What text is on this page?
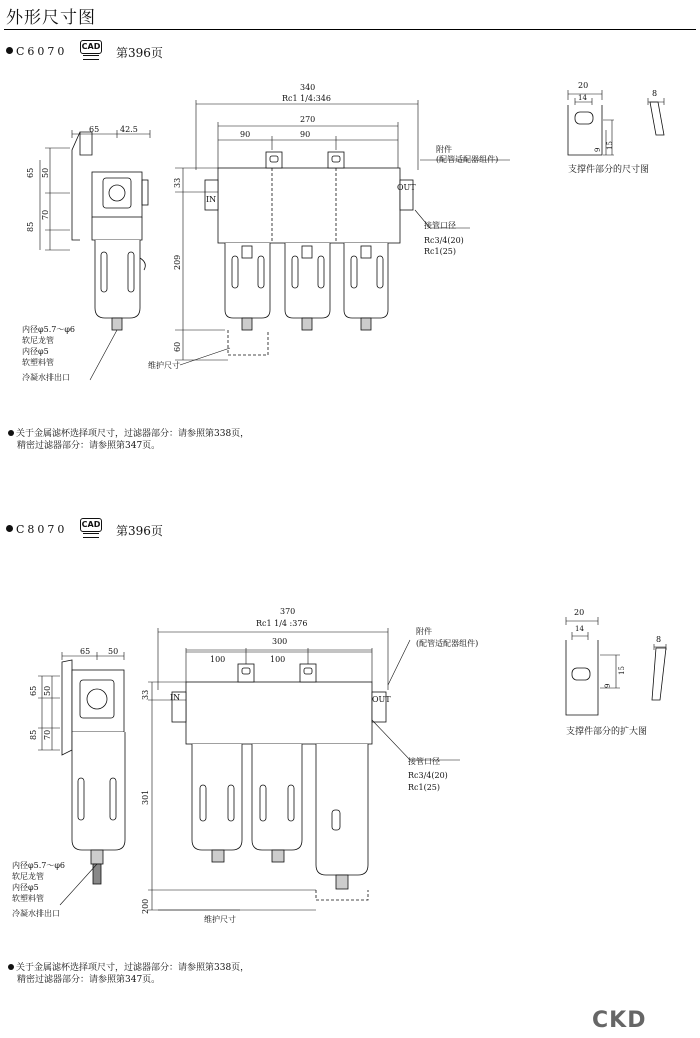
外形尺寸图
C6070 CAD 第396页
65	42.5
65 50
85
70
340
Rc1 1/4:346
270
90	90
33
209
60
IN
OUT
附件
(配管适配器组件)
接管口径
Rc3/4(20)
Rc1(25)
维护尺寸
内径φ5.7～φ6
软尼龙管
内径φ5
软塑料管
冷凝水排出口
20
14	8
9 15
支撑件部分的尺寸图
关于金属滤杯选择项尺寸，过滤器部分：请参照第338页，
精密过滤器部分：请参照第347页。
C8070 CAD 第396页
65 50
65 50
85 70
370
Rc1 1/4 :376
300
100	100
33
301
200
IN	OUT
附件
(配管适配器组件)
接管口径
Rc3/4(20)
Rc1(25)
维护尺寸
内径φ5.7～φ6
软尼龙管
内径φ5
软塑料管
冷凝水排出口
20
14
8
15
9
支撑件部分的扩大图
关于金属滤杯选择项尺寸，过滤器部分：请参照第338页，
精密过滤器部分：请参照第347页。
CKD
